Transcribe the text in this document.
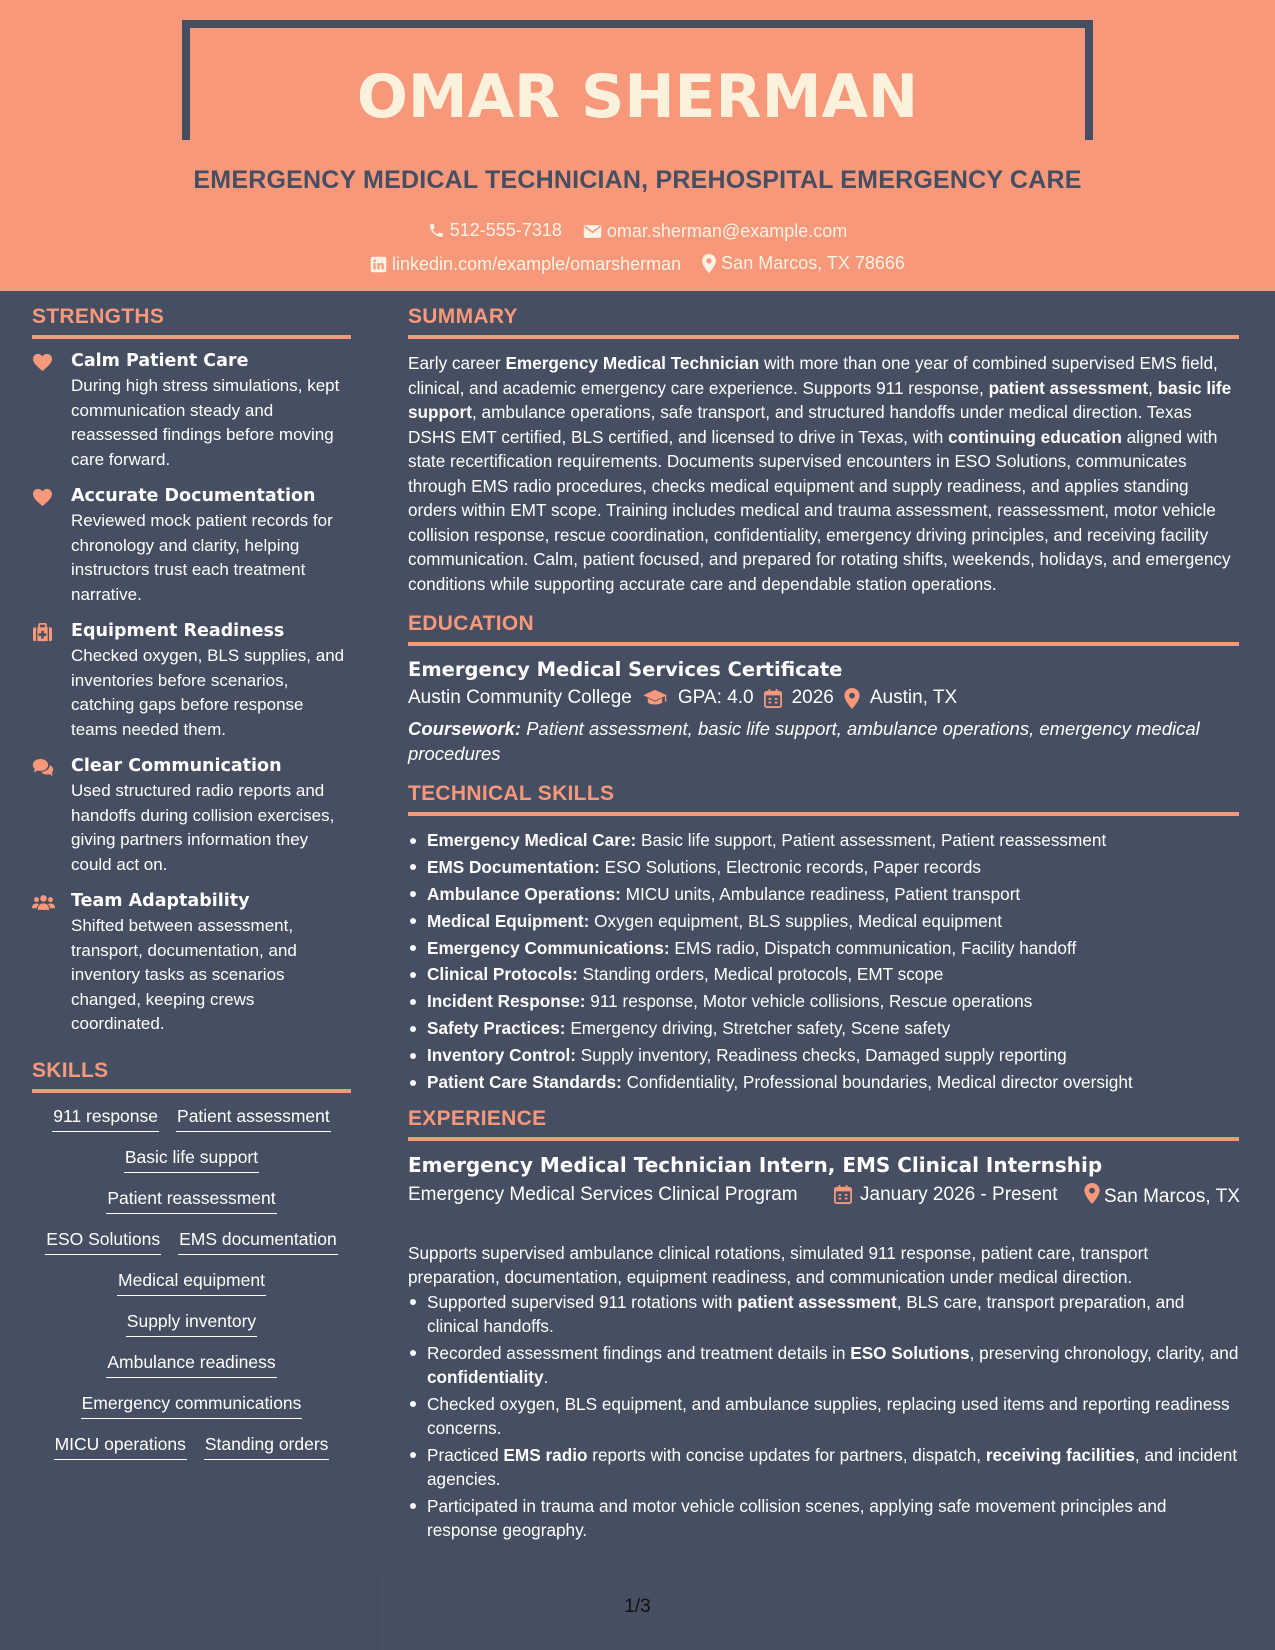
OMAR SHERMAN
EMERGENCY MEDICAL TECHNICIAN, PREHOSPITAL EMERGENCY CARE
512-555-7318
	omar.sherman@example.com
linkedin.com/example/omarsherman
San Marcos, TX 78666
STRENGTHS
Calm Patient Care
During high stress simulations, kept communication steady and reassessed findings before moving care forward.
Accurate Documentation
Reviewed mock patient records for chronology and clarity, helping instructors trust each treatment narrative.
Equipment Readiness
Checked oxygen, BLS supplies, and inventories before scenarios, catching gaps before response teams needed them.
Clear Communication
Used structured radio reports and handoffs during collision exercises, giving partners information they could act on.
Team Adaptability
Shifted between assessment, transport, documentation, and inventory tasks as scenarios changed, keeping crews coordinated.
SKILLS
911 response Patient assessment
Basic life support
Patient reassessment
ESO Solutions EMS documentation
Medical equipment
Supply inventory
Ambulance readiness
Emergency communications
MICU operations Standing orders
SUMMARY
Early career Emergency Medical Technician with more than one year of combined supervised EMS field, clinical, and academic emergency care experience. Supports 911 response, patient assessment, basic life support, ambulance operations, safe transport, and structured handoffs under medical direction. Texas DSHS EMT certified, BLS certified, and licensed to drive in Texas, with continuing education aligned with state recertification requirements. Documents supervised encounters in ESO Solutions, communicates through EMS radio procedures, checks medical equipment and supply readiness, and applies standing orders within EMT scope. Training includes medical and trauma assessment, reassessment, motor vehicle collision response, rescue coordination, confidentiality, emergency driving principles, and receiving facility communication. Calm, patient focused, and prepared for rotating shifts, weekends, holidays, and emergency conditions while supporting accurate care and dependable station operations.
EDUCATION
Emergency Medical Services Certificate
Austin Community College GPA: 4.0 2026 Austin, TX
Coursework: Patient assessment, basic life support, ambulance operations, emergency medical procedures
TECHNICAL SKILLS
Emergency Medical Care: Basic life support, Patient assessment, Patient reassessment
EMS Documentation: ESO Solutions, Electronic records, Paper records
Ambulance Operations: MICU units, Ambulance readiness, Patient transport
Medical Equipment: Oxygen equipment, BLS supplies, Medical equipment
Emergency Communications: EMS radio, Dispatch communication, Facility handoff
Clinical Protocols: Standing orders, Medical protocols, EMT scope
Incident Response: 911 response, Motor vehicle collisions, Rescue operations
Safety Practices: Emergency driving, Stretcher safety, Scene safety
Inventory Control: Supply inventory, Readiness checks, Damaged supply reporting
Patient Care Standards: Confidentiality, Professional boundaries, Medical director oversight
EXPERIENCE
Emergency Medical Technician Intern, EMS Clinical Internship
Emergency Medical Services Clinical Program	January 2026 - Present	San Marcos, TX
Supports supervised ambulance clinical rotations, simulated 911 response, patient care, transport preparation, documentation, equipment readiness, and communication under medical direction.
Supported supervised 911 rotations with patient assessment, BLS care, transport preparation, and clinical handoffs.
Recorded assessment findings and treatment details in ESO Solutions, preserving chronology, clarity, and confidentiality.
Checked oxygen, BLS equipment, and ambulance supplies, replacing used items and reporting readiness concerns.
Practiced EMS radio reports with concise updates for partners, dispatch, receiving facilities, and incident agencies.
Participated in trauma and motor vehicle collision scenes, applying safe movement principles and response geography.
1/3
